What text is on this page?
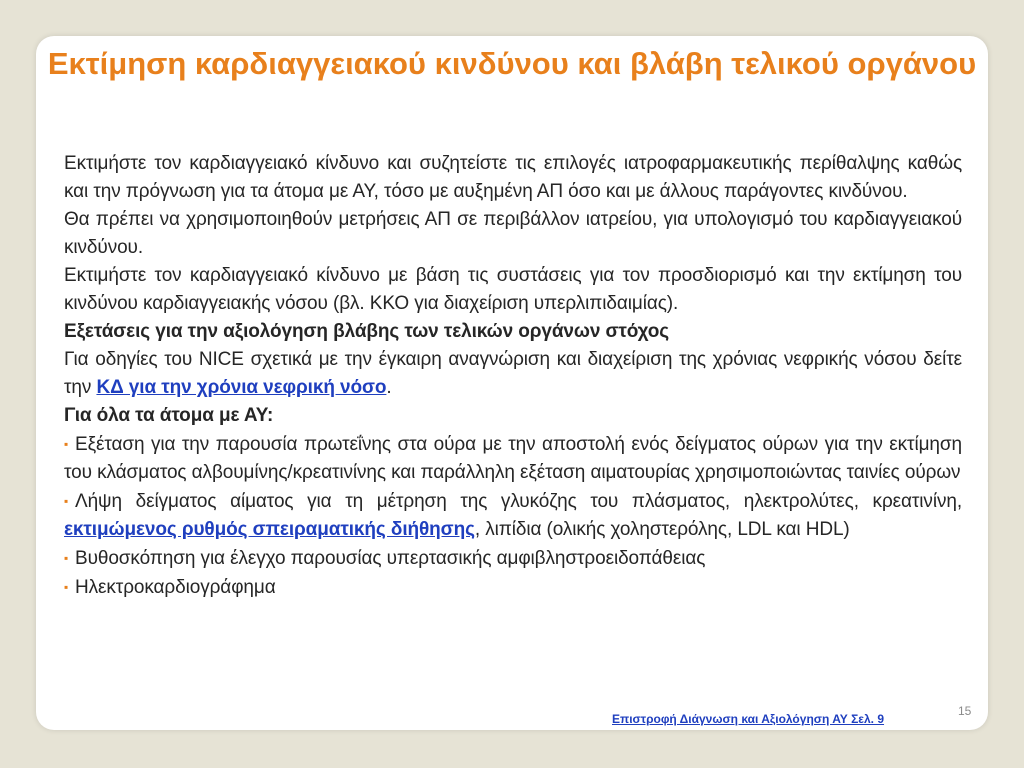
Εκτίμηση καρδιαγγειακού κινδύνου και βλάβη τελικού οργάνου

Εκτιμήστε τον καρδιαγγειακό κίνδυνο και συζητείστε τις επιλογές ιατροφαρμακευτικής περίθαλψης καθώς και την πρόγνωση για τα άτομα με ΑΥ, τόσο με αυξημένη ΑΠ όσο και με άλλους παράγοντες κινδύνου.

Θα πρέπει να χρησιμοποιηθούν μετρήσεις ΑΠ σε περιβάλλον ιατρείου, για υπολογισμό του καρδιαγγειακού κινδύνου.

Εκτιμήστε τον καρδιαγγειακό κίνδυνο με βάση τις συστάσεις για τον προσδιορισμό και την εκτίμηση του κινδύνου καρδιαγγειακής νόσου (βλ. ΚΚΟ για διαχείριση υπερλιπιδαιμίας).

Εξετάσεις για την αξιολόγηση βλάβης των τελικών οργάνων στόχος

Για οδηγίες του NICE σχετικά με την έγκαιρη αναγνώριση και διαχείριση της χρόνιας νεφρικής νόσου δείτε την ΚΔ για την χρόνια νεφρική νόσο.

Για όλα τα άτομα με ΑΥ:

▪ Εξέταση για την παρουσία πρωτεΐνης στα ούρα με την αποστολή ενός δείγματος ούρων για την εκτίμηση του κλάσματος αλβουμίνης/κρεατινίνης και παράλληλη εξέταση αιματουρίας χρησιμοποιώντας ταινίες ούρων

▪ Λήψη δείγματος αίματος για τη μέτρηση της γλυκόζης του πλάσματος, ηλεκτρολύτες, κρεατινίνη, εκτιμώμενος ρυθμός σπειραματικής διήθησης, λιπίδια (ολικής χοληστερόλης, LDL και HDL)

▪ Βυθοσκόπηση για έλεγχο παρουσίας υπερτασικής αμφιβληστροειδοπάθειας

▪ Ηλεκτροκαρδιογράφημα

Επιστροφή Διάγνωση και Αξιολόγηση ΑΥ Σελ. 9
15
